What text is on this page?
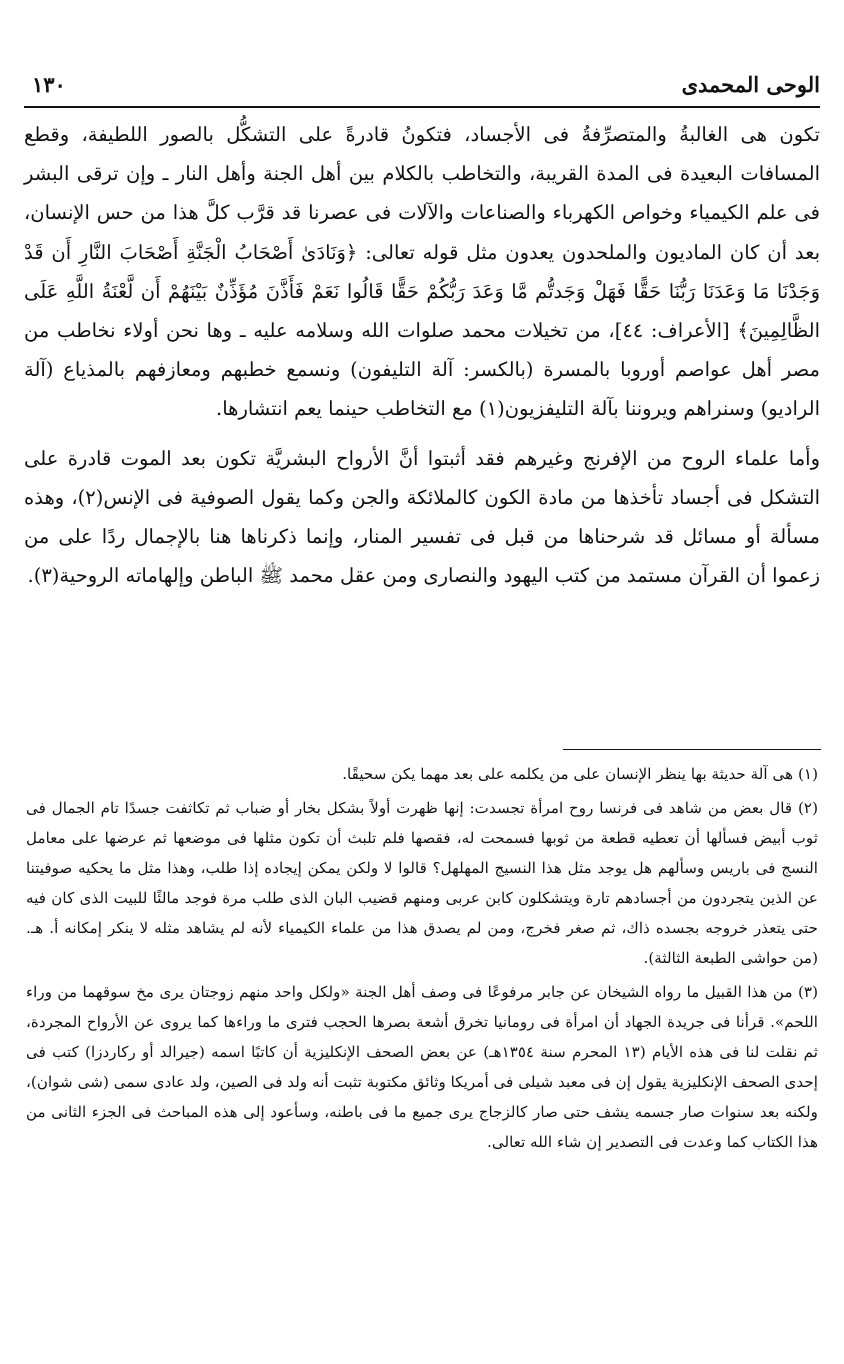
الوحى المحمدى
١٣٠

تكون هى الغالبةُ والمتصرِّفةُ فى الأجساد، فتكونُ قادرةً على التشكُّل بالصور اللطيفة، وقطع المسافات البعيدة فى المدة القريبة، والتخاطب بالكلام بين أهل الجنة وأهل النار ـ وإن ترقى البشر فى علم الكيمياء وخواص الكهرباء والصناعات والآلات فى عصرنا قد قرَّب كلَّ هذا من حس الإنسان، بعد أن كان الماديون والملحدون يعدون مثل قوله تعالى: ﴿وَنَادَىٰ أَصْحَابُ الْجَنَّةِ أَصْحَابَ النَّارِ أَن قَدْ وَجَدْنَا مَا وَعَدَنَا رَبُّنَا حَقًّا فَهَلْ وَجَدتُّم مَّا وَعَدَ رَبُّكُمْ حَقًّا قَالُوا نَعَمْ فَأَذَّنَ مُؤَذِّنٌ بَيْنَهُمْ أَن لَّعْنَةُ اللَّهِ عَلَى الظَّالِمِينَ﴾ [الأعراف: ٤٤]، من تخيلات محمد صلوات الله وسلامه عليه ـ وها نحن أولاء نخاطب من مصر أهل عواصم أوروبا بالمسرة (بالكسر: آلة التليفون) ونسمع خطبهم ومعازفهم بالمذياع (آلة الراديو) وسنراهم ويروننا بآلة التليفزيون(١) مع التخاطب حينما يعم انتشارها.

وأما علماء الروح من الإفرنج وغيرهم فقد أثبتوا أنَّ الأرواح البشريَّة تكون بعد الموت قادرة على التشكل فى أجساد تأخذها من مادة الكون كالملائكة والجن وكما يقول الصوفية فى الإنس(٢)، وهذه مسألة أو مسائل قد شرحناها من قبل فى تفسير المنار، وإنما ذكرناها هنا بالإجمال ردًا على من زعموا أن القرآن مستمد من كتب اليهود والنصارى ومن عقل محمد ﷺ الباطن وإلهاماته الروحية(٣).

(١) هى آلة حديثة بها ينظر الإنسان على من يكلمه على بعد مهما يكن سحيقًا.

(٢) قال بعض من شاهد فى فرنسا روح امرأة تجسدت: إنها ظهرت أولاً بشكل بخار أو ضباب ثم تكاثفت جسدًا تام الجمال فى ثوب أبيض فسألها أن تعطيه قطعة من ثوبها فسمحت له، فقصها فلم تلبث أن تكون مثلها فى موضعها ثم عرضها على معامل النسج فى باريس وسألهم هل يوجد مثل هذا النسيج المهلهل؟ قالوا لا ولكن يمكن إيجاده إذا طلب، وهذا مثل ما يحكيه صوفيتنا عن الذين يتجردون من أجسادهم تارة ويتشكلون كابن عربى ومنهم قضيب البان الذى طلب مرة فوجد مالئًا للبيت الذى كان فيه حتى يتعذر خروجه بجسده ذاك، ثم صغر فخرج، ومن لم يصدق هذا من علماء الكيمياء لأنه لم يشاهد مثله لا ينكر إمكانه أ. هـ. (من حواشى الطبعة الثالثة).

(٣) من هذا القبيل ما رواه الشيخان عن جابر مرفوعًا فى وصف أهل الجنة «ولكل واحد منهم زوجتان يرى مخ سوقهما من وراء اللحم». قرأنا فى جريدة الجهاد أن امرأة فى رومانيا تخرق أشعة بصرها الحجب فترى ما وراءها كما يروى عن الأرواح المجردة، ثم نقلت لنا فى هذه الأيام (١٣ المحرم سنة ١٣٥٤هـ) عن بعض الصحف الإنكليزية أن كاتبًا اسمه (جيرالد أو ركاردزا) كتب فى إحدى الصحف الإنكليزية يقول إن فى معبد شيلى فى أمريكا وثائق مكتوبة تثبت أنه ولد فى الصين، ولد عادى سمى (شى شوان)، ولكنه بعد سنوات صار جسمه يشف حتى صار كالزجاج يرى جميع ما فى باطنه، وسأعود إلى هذه المباحث فى الجزء الثانى من هذا الكتاب كما وعدت فى التصدير إن شاء الله تعالى.
